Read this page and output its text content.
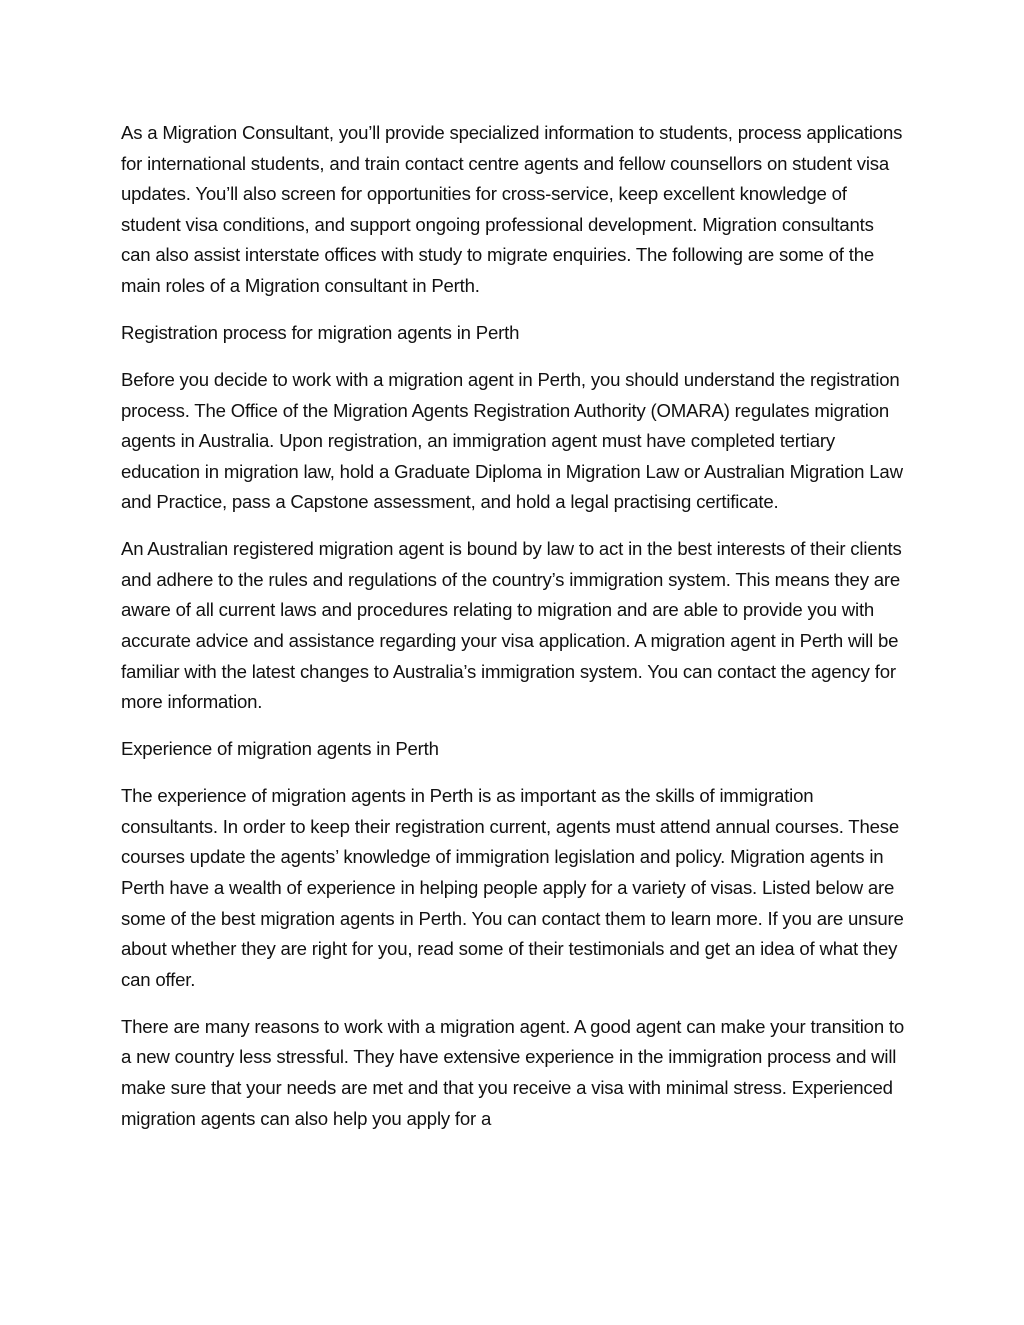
As a Migration Consultant, you’ll provide specialized information to students, process applications for international students, and train contact centre agents and fellow counsellors on student visa updates. You’ll also screen for opportunities for cross-service, keep excellent knowledge of student visa conditions, and support ongoing professional development. Migration consultants can also assist interstate offices with study to migrate enquiries. The following are some of the main roles of a Migration consultant in Perth.

Registration process for migration agents in Perth

Before you decide to work with a migration agent in Perth, you should understand the registration process. The Office of the Migration Agents Registration Authority (OMARA) regulates migration agents in Australia. Upon registration, an immigration agent must have completed tertiary education in migration law, hold a Graduate Diploma in Migration Law or Australian Migration Law and Practice, pass a Capstone assessment, and hold a legal practising certificate.

An Australian registered migration agent is bound by law to act in the best interests of their clients and adhere to the rules and regulations of the country’s immigration system. This means they are aware of all current laws and procedures relating to migration and are able to provide you with accurate advice and assistance regarding your visa application. A migration agent in Perth will be familiar with the latest changes to Australia’s immigration system. You can contact the agency for more information.

Experience of migration agents in Perth

The experience of migration agents in Perth is as important as the skills of immigration consultants. In order to keep their registration current, agents must attend annual courses. These courses update the agents’ knowledge of immigration legislation and policy. Migration agents in Perth have a wealth of experience in helping people apply for a variety of visas. Listed below are some of the best migration agents in Perth. You can contact them to learn more. If you are unsure about whether they are right for you, read some of their testimonials and get an idea of what they can offer.

There are many reasons to work with a migration agent. A good agent can make your transition to a new country less stressful. They have extensive experience in the immigration process and will make sure that your needs are met and that you receive a visa with minimal stress. Experienced migration agents can also help you apply for a
